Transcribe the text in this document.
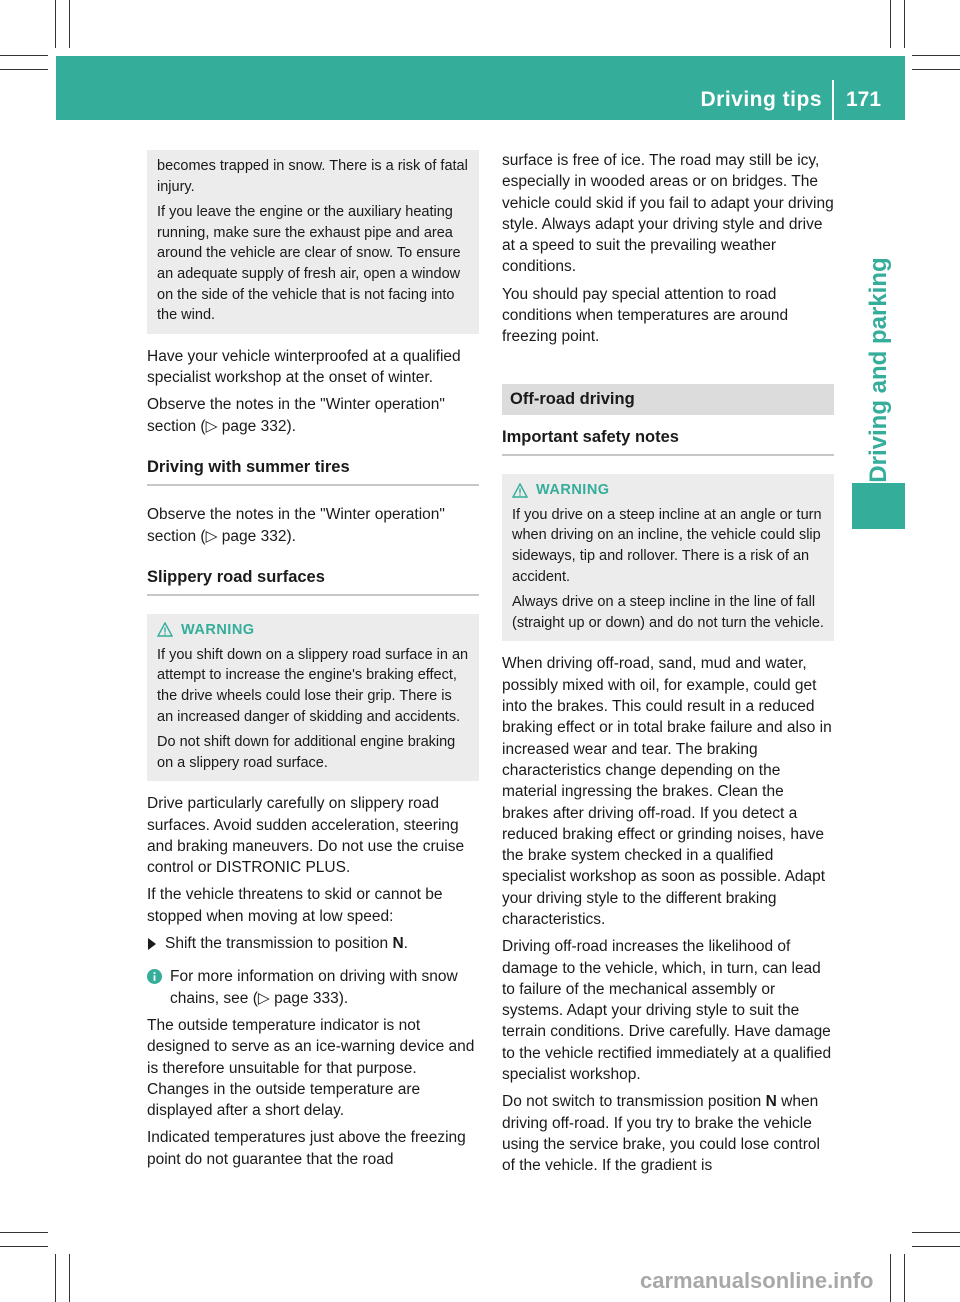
Driving tips 171
Driving and parking

becomes trapped in snow. There is a risk of fatal injury.

If you leave the engine or the auxiliary heating running, make sure the exhaust pipe and area around the vehicle are clear of snow. To ensure an adequate supply of fresh air, open a window on the side of the vehicle that is not facing into the wind.

Have your vehicle winterproofed at a qualified specialist workshop at the onset of winter.

Observe the notes in the "Winter operation" section (▷ page 332).

Driving with summer tires

Observe the notes in the "Winter operation" section (▷ page 332).

Slippery road surfaces
WARNING

If you shift down on a slippery road surface in an attempt to increase the engine's braking effect, the drive wheels could lose their grip. There is an increased danger of skidding and accidents.

Do not shift down for additional engine braking on a slippery road surface.

Drive particularly carefully on slippery road surfaces. Avoid sudden acceleration, steering and braking maneuvers. Do not use the cruise control or DISTRONIC PLUS.

If the vehicle threatens to skid or cannot be stopped when moving at low speed:

Shift the transmission to position N.

For more information on driving with snow chains, see (▷ page 333).

The outside temperature indicator is not designed to serve as an ice-warning device and is therefore unsuitable for that purpose. Changes in the outside temperature are displayed after a short delay.

Indicated temperatures just above the freezing point do not guarantee that the road

surface is free of ice. The road may still be icy, especially in wooded areas or on bridges. The vehicle could skid if you fail to adapt your driving style. Always adapt your driving style and drive at a speed to suit the prevailing weather conditions.

You should pay special attention to road conditions when temperatures are around freezing point.

Off-road driving
Important safety notes
WARNING

If you drive on a steep incline at an angle or turn when driving on an incline, the vehicle could slip sideways, tip and rollover. There is a risk of an accident.

Always drive on a steep incline in the line of fall (straight up or down) and do not turn the vehicle.

When driving off-road, sand, mud and water, possibly mixed with oil, for example, could get into the brakes. This could result in a reduced braking effect or in total brake failure and also in increased wear and tear. The braking characteristics change depending on the material ingressing the brakes. Clean the brakes after driving off-road. If you detect a reduced braking effect or grinding noises, have the brake system checked in a qualified specialist workshop as soon as possible. Adapt your driving style to the different braking characteristics.

Driving off-road increases the likelihood of damage to the vehicle, which, in turn, can lead to failure of the mechanical assembly or systems. Adapt your driving style to suit the terrain conditions. Drive carefully. Have damage to the vehicle rectified immediately at a qualified specialist workshop.

Do not switch to transmission position N when driving off-road. If you try to brake the vehicle using the service brake, you could lose control of the vehicle. If the gradient is

carmanualsonline.info
